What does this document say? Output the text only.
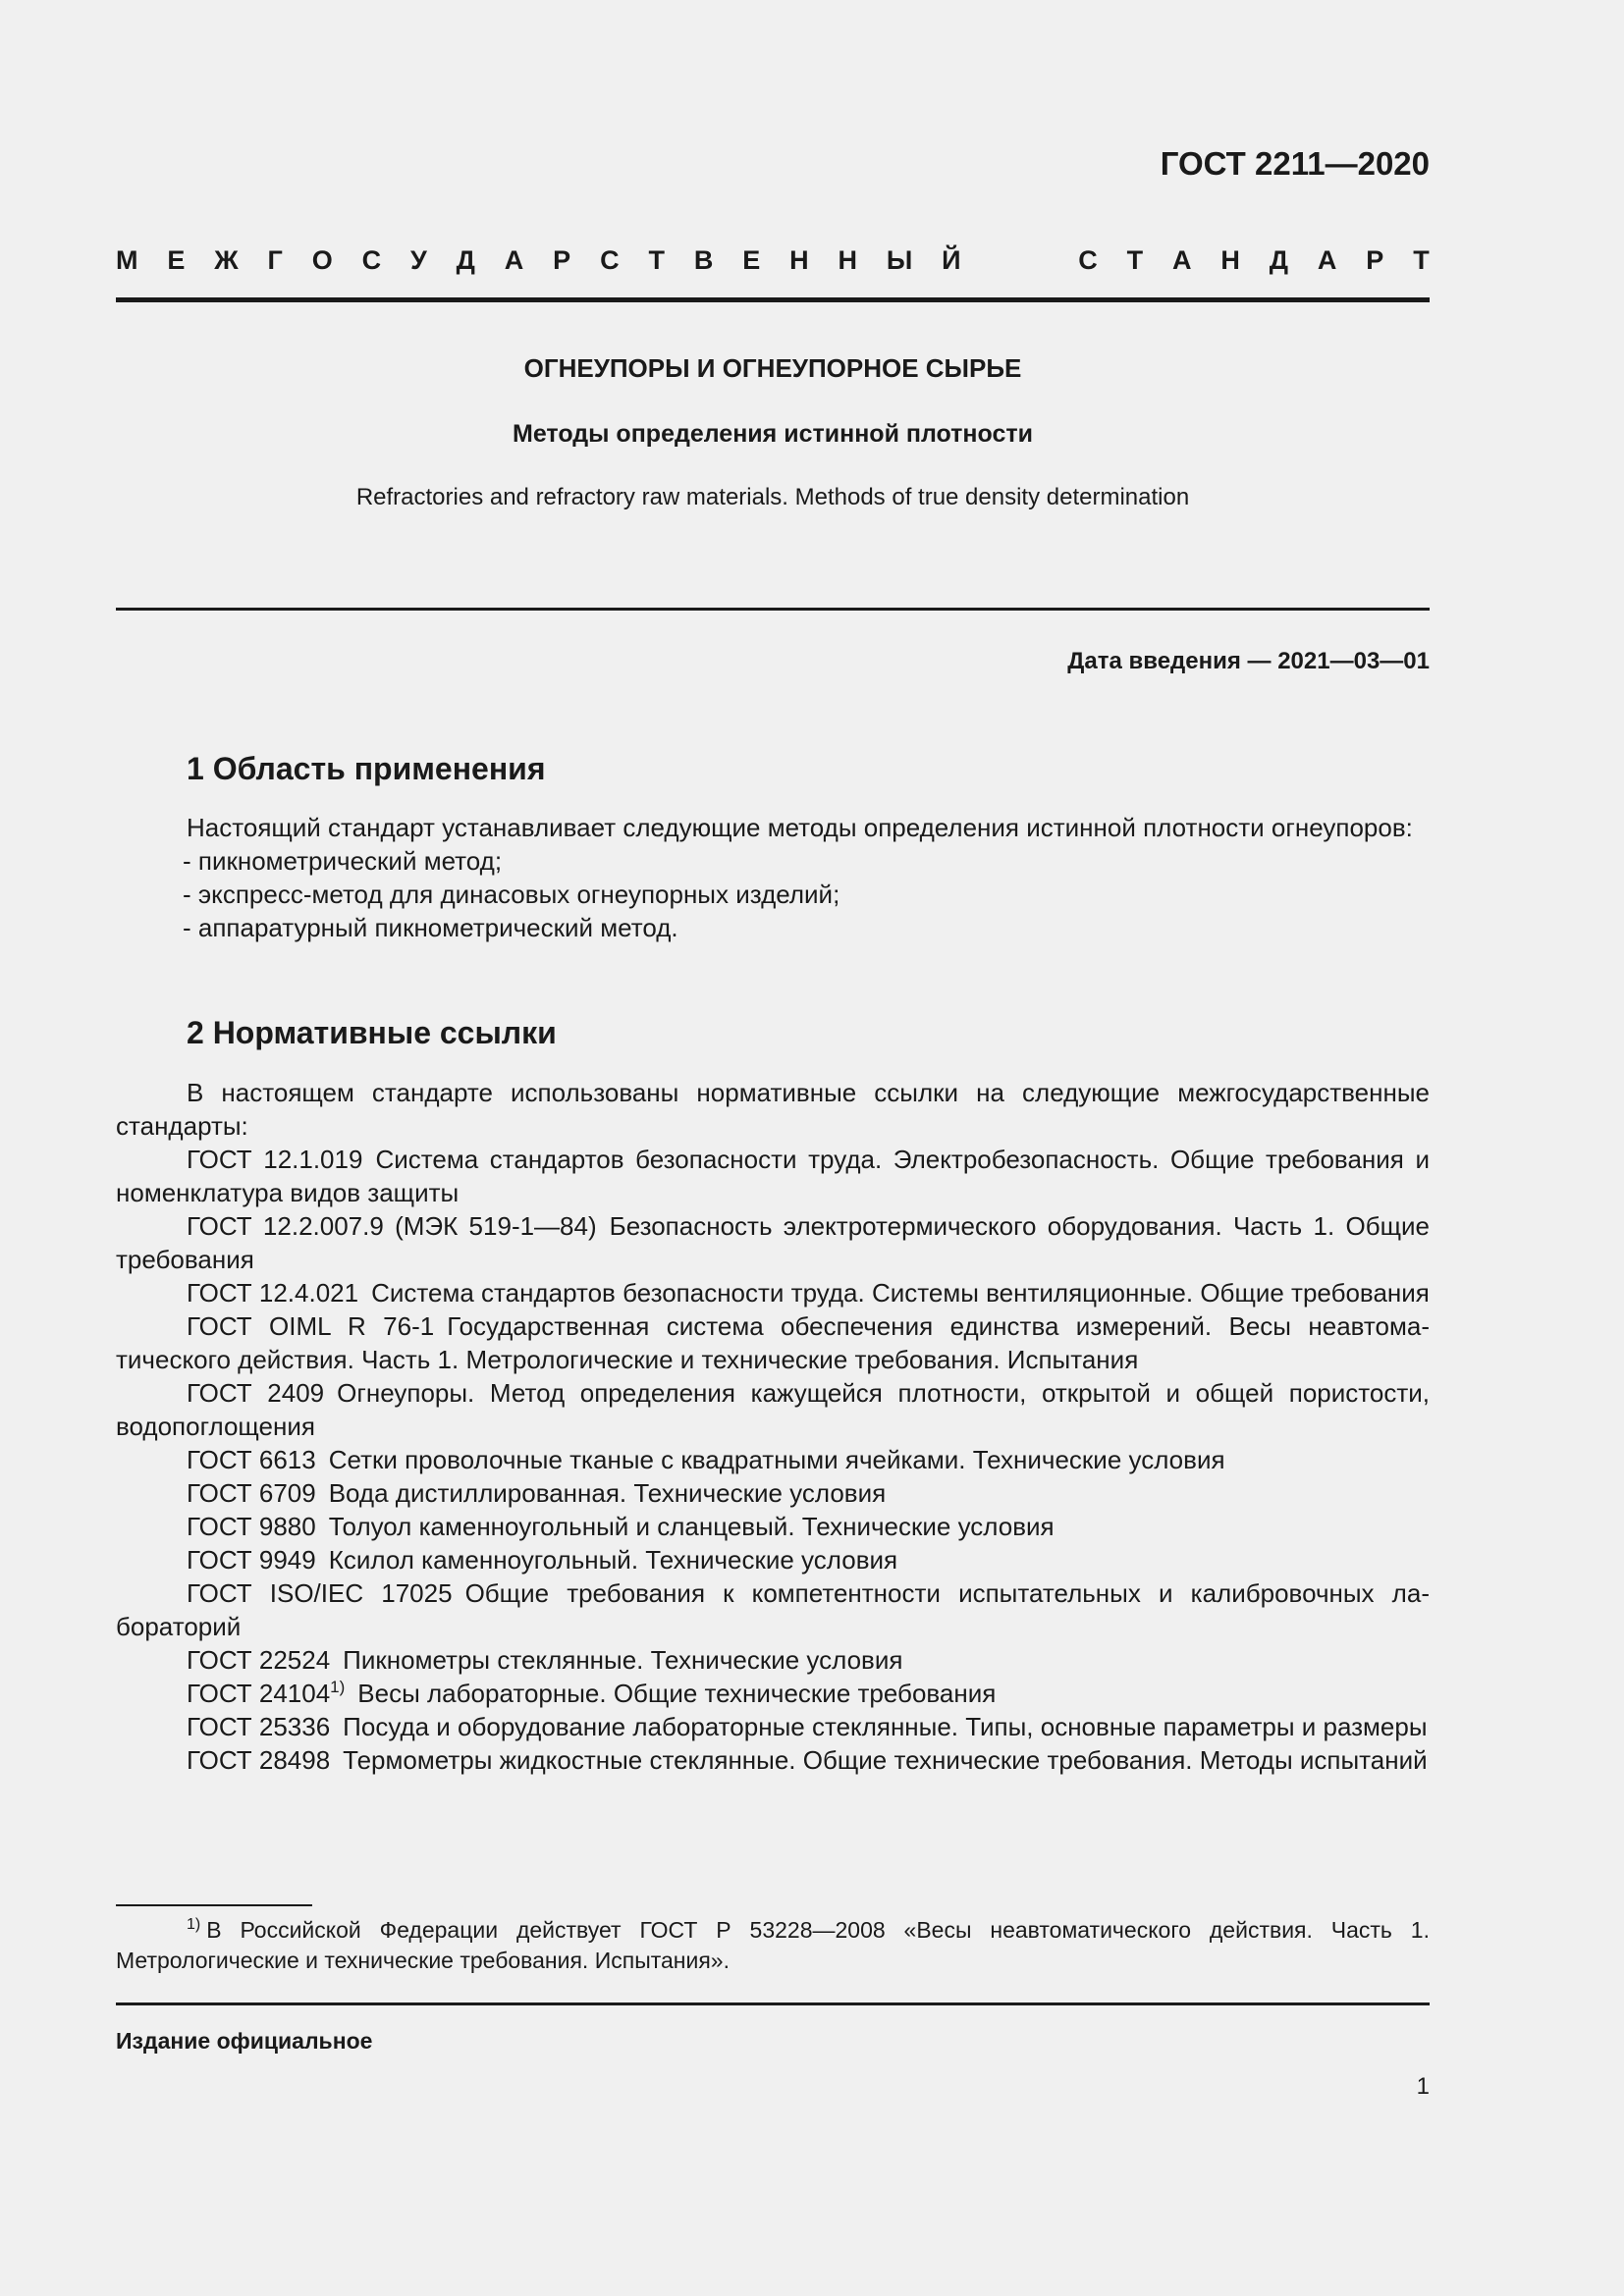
ГОСТ 2211—2020
М Е Ж Г О С У Д А Р С Т В Е Н Н Ы Й	С Т А Н Д А Р Т
ОГНЕУПОРЫ И ОГНЕУПОРНОЕ СЫРЬЕ
Методы определения истинной плотности
Refractories and refractory raw materials. Methods of true density determination
Дата введения — 2021—03—01
1 Область применения

Настоящий стандарт устанавливает следующие методы определения истинной плотности огнеупоров:

- пикнометрический метод;

- экспресс-метод для динасовых огнеупорных изделий;

- аппаратурный пикнометрический метод.

2 Нормативные ссылки

В настоящем стандарте использованы нормативные ссылки на следующие межгосударственные стандарты:

ГОСТ 12.1.019  Система стандартов безопасности труда. Электробезопасность. Общие требования и номенклатура видов защиты

ГОСТ 12.2.007.9 (МЭК 519-1—84)  Безопасность электротермического оборудования. Часть 1. Общие требования

ГОСТ 12.4.021  Система стандартов безопасности труда. Системы вентиляционные. Общие требования

ГОСТ OIML R 76-1  Государственная система обеспечения единства измерений. Весы неавтоматического действия. Часть 1. Метрологические и технические требования. Испытания

ГОСТ 2409  Огнеупоры. Метод определения кажущейся плотности, открытой и общей пористости, водопоглощения

ГОСТ 6613  Сетки проволочные тканые с квадратными ячейками. Технические условия

ГОСТ 6709  Вода дистиллированная. Технические условия

ГОСТ 9880  Толуол каменноугольный и сланцевый. Технические условия

ГОСТ 9949  Ксилол каменноугольный. Технические условия

ГОСТ ISO/IEC 17025  Общие требования к компетентности испытательных и калибровочных лабораторий

ГОСТ 22524  Пикнометры стеклянные. Технические условия

ГОСТ 24104$^{1)}$  Весы лабораторные. Общие технические требования

ГОСТ 25336  Посуда и оборудование лабораторные стеклянные. Типы, основные параметры и размеры

ГОСТ 28498  Термометры жидкостные стеклянные. Общие технические требования. Методы испытаний

$^{1)}$ В Российской Федерации действует ГОСТ Р 53228—2008 «Весы неавтоматического действия. Часть 1. Метрологические и технические требования. Испытания».

Издание официальное
1
